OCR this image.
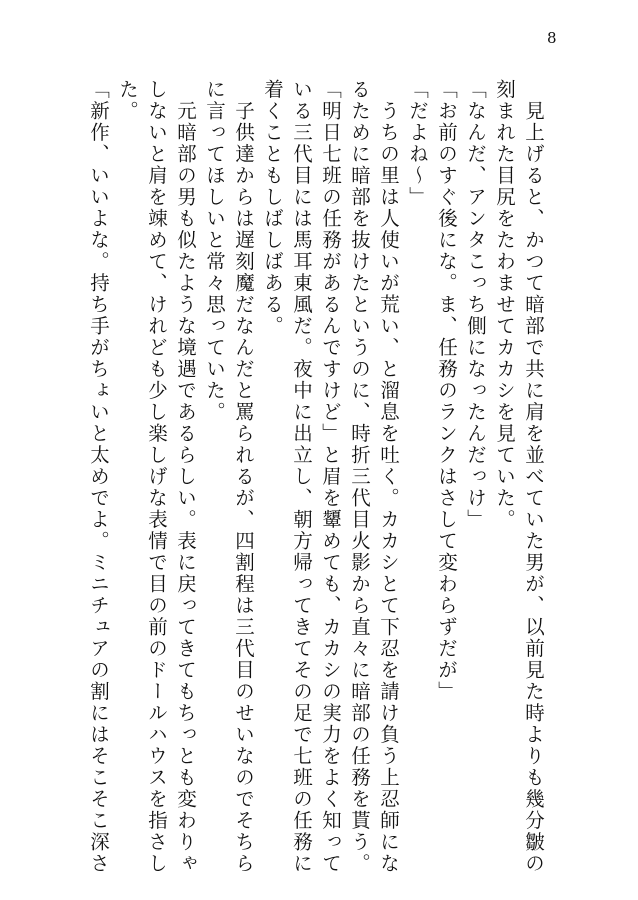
8
　見上げると、かつて暗部で共に肩を並べていた男が、以前見た時よりも幾分皺の
刻まれた目尻をたわませてカカシを見ていた。
「なんだ、アンタこっち側になったんだっけ」
「お前のすぐ後にな。ま、任務のランクはさして変わらずだが」
「だよね～」
　うちの里は人使いが荒い、と溜息を吐く。カカシとて下忍を請け負う上忍師にな
るために暗部を抜けたというのに、時折三代目火影から直々に暗部の任務を貰う。
「明日七班の任務があるんですけど」と眉を顰めても、カカシの実力をよく知って
いる三代目には馬耳東風だ。夜中に出立し、朝方帰ってきてその足で七班の任務に
着くこともしばしばある。
　子供達からは遅刻魔だなんだと罵られるが、四割程は三代目のせいなのでそちら
に言ってほしいと常々思っていた。
　元暗部の男も似たような境遇であるらしい。表に戻ってきてもちっとも変わりゃ
しないと肩を竦めて、けれども少し楽しげな表情で目の前のドールハウスを指さし
た。
「新作、いいよな。持ち手がちょいと太めでよ。ミニチュアの割にはそこそこ深さ
